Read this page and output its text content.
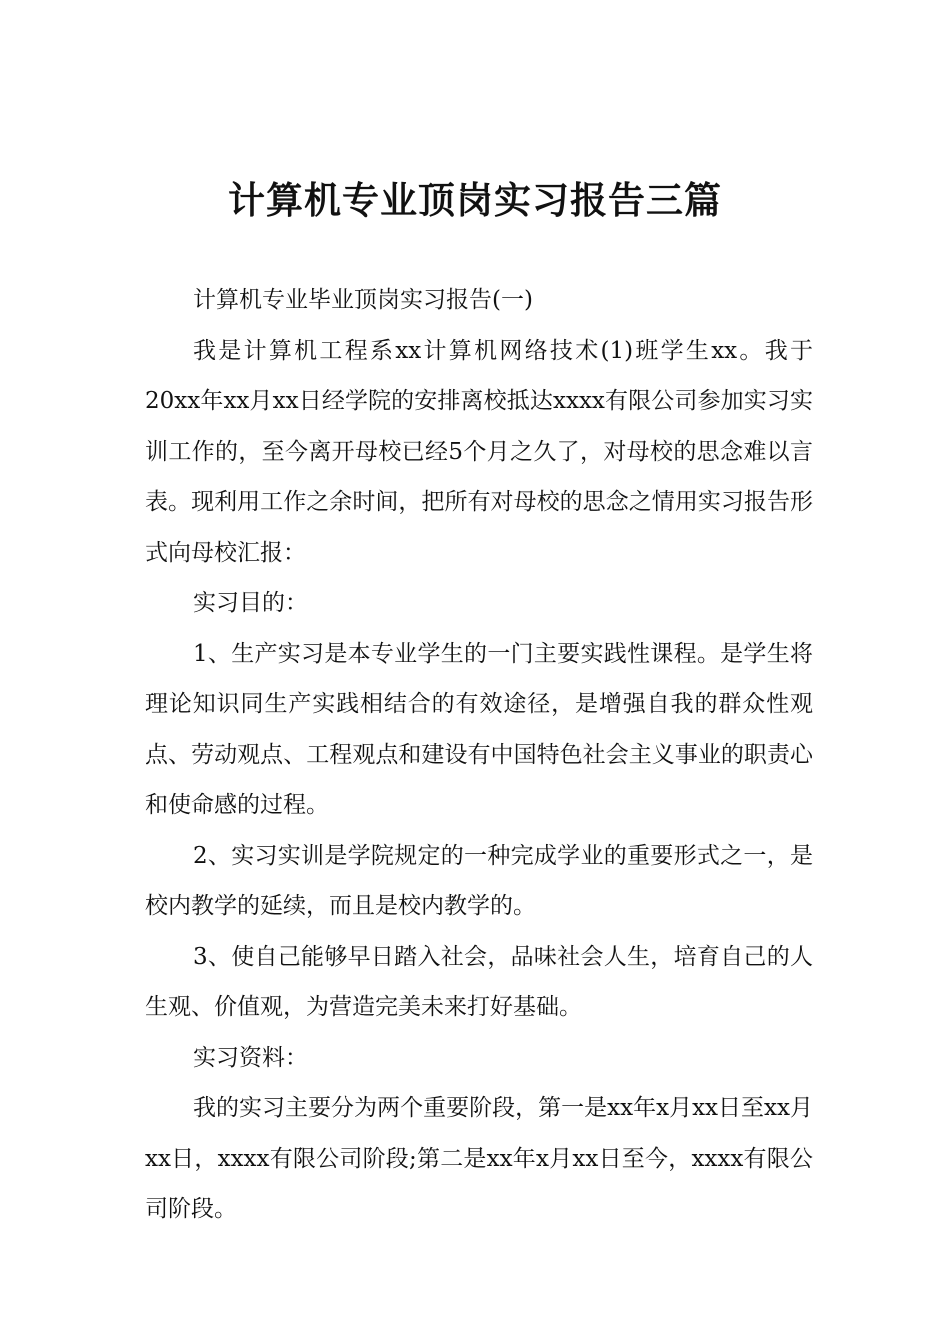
计算机专业顶岗实习报告三篇

计算机专业毕业顶岗实习报告(一)

我是计算机工程系xx计算机网络技术(1)班学生xx。我于20xx年xx月xx日经学院的安排离校抵达xxxx有限公司参加实习实训工作的，至今离开母校已经5个月之久了，对母校的思念难以言表。现利用工作之余时间，把所有对母校的思念之情用实习报告形式向母校汇报：

实习目的：

1、生产实习是本专业学生的一门主要实践性课程。是学生将理论知识同生产实践相结合的有效途径，是增强自我的群众性观点、劳动观点、工程观点和建设有中国特色社会主义事业的职责心和使命感的过程。

2、实习实训是学院规定的一种完成学业的重要形式之一，是校内教学的延续，而且是校内教学的。

3、使自己能够早日踏入社会，品味社会人生，培育自己的人生观、价值观，为营造完美未来打好基础。

实习资料：

我的实习主要分为两个重要阶段，第一是xx年x月xx日至xx月xx日，xxxx有限公司阶段;第二是xx年x月xx日至今，xxxx有限公司阶段。
